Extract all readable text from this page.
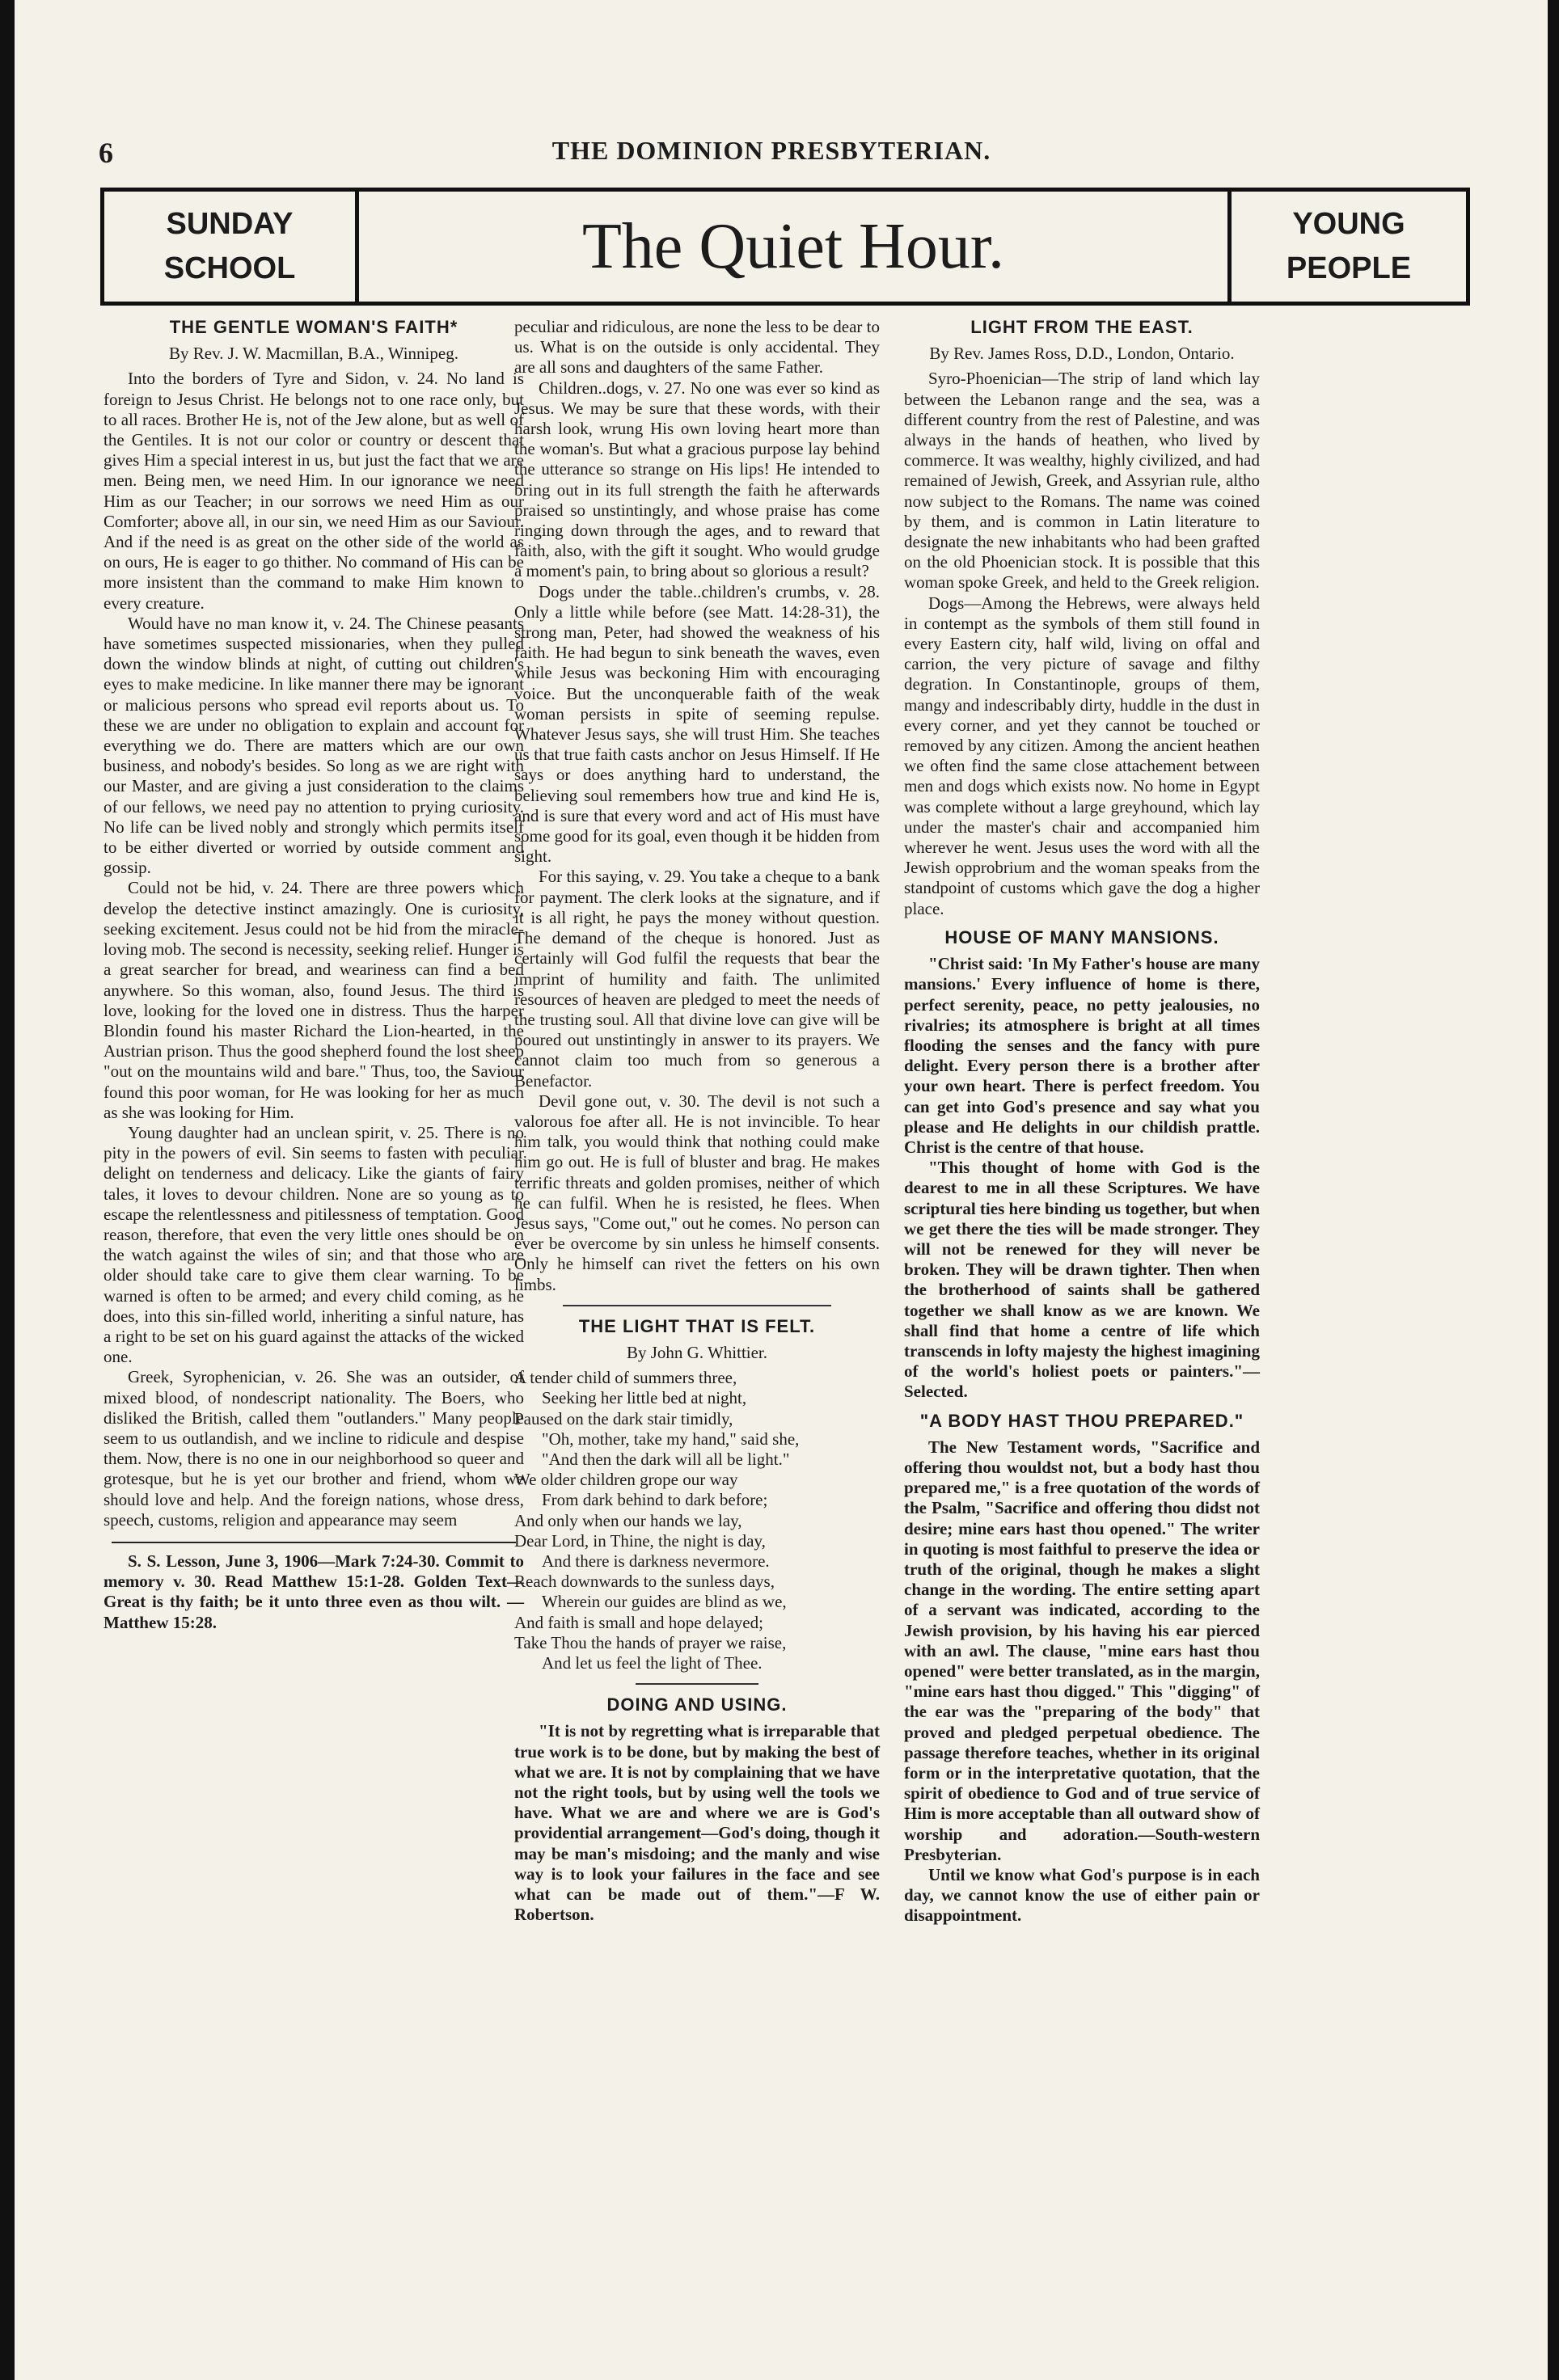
6	THE DOMINION PRESBYTERIAN.
SUNDAY
SCHOOL	The Quiet Hour.	YOUNG
PEOPLE
THE GENTLE WOMAN'S FAITH*

By Rev. J. W. Macmillan, B.A., Winnipeg.

Into the borders of Tyre and Sidon, v. 24. No land is foreign to Jesus Christ. He belongs not to one race only, but to all races. Brother He is, not of the Jew alone, but as well of the Gentiles. It is not our color or country or descent that gives Him a special interest in us, but just the fact that we are men. Being men, we need Him. In our ignorance we need Him as our Teacher; in our sorrows we need Him as our Comforter; above all, in our sin, we need Him as our Saviour. And if the need is as great on the other side of the world as on ours, He is eager to go thither. No command of His can be more insistent than the command to make Him known to every creature.

Would have no man know it, v. 24. The Chinese peasants have sometimes suspected missionaries, when they pulled down the window blinds at night, of cutting out children's eyes to make medicine. In like manner there may be ignorant or malicious persons who spread evil reports about us. To these we are under no obligation to explain and account for everything we do. There are matters which are our own business, and nobody's besides. So long as we are right with our Master, and are giving a just consideration to the claims of our fellows, we need pay no attention to prying curiosity. No life can be lived nobly and strongly which permits itself to be either diverted or worried by outside comment and gossip.

Could not be hid, v. 24. There are three powers which develop the detective instinct amazingly. One is curiosity, seeking excitement. Jesus could not be hid from the miracle-loving mob. The second is necessity, seeking relief. Hunger is a great searcher for bread, and weariness can find a bed anywhere. So this woman, also, found Jesus. The third is love, looking for the loved one in distress. Thus the harper Blondin found his master Richard the Lion-hearted, in the Austrian prison. Thus the good shepherd found the lost sheep "out on the mountains wild and bare." Thus, too, the Saviour found this poor woman, for He was looking for her as much as she was looking for Him.

Young daughter had an unclean spirit, v. 25. There is no pity in the powers of evil. Sin seems to fasten with peculiar delight on tenderness and delicacy. Like the giants of fairy tales, it loves to devour children. None are so young as to escape the relentlessness and pitilessness of temptation. Good reason, therefore, that even the very little ones should be on the watch against the wiles of sin; and that those who are older should take care to give them clear warning. To be warned is often to be armed; and every child coming, as he does, into this sin-filled world, inheriting a sinful nature, has a right to be set on his guard against the attacks of the wicked one.

Greek, Syrophenician, v. 26. She was an outsider, of mixed blood, of nondescript nationality. The Boers, who disliked the British, called them "outlanders." Many people seem to us outlandish, and we incline to ridicule and despise them. Now, there is no one in our neighborhood so queer and grotesque, but he is yet our brother and friend, whom we should love and help. And the foreign nations, whose dress, speech, customs, religion and appearance may seem

S. S. Lesson, June 3, 1906—Mark 7:24-30. Commit to memory v. 30. Read Matthew 15:1-28. Golden Text—Great is thy faith; be it unto three even as thou wilt. —Matthew 15:28.

peculiar and ridiculous, are none the less to be dear to us. What is on the outside is only accidental. They are all sons and daughters of the same Father.

Children..dogs, v. 27. No one was ever so kind as Jesus. We may be sure that these words, with their harsh look, wrung His own loving heart more than the woman's. But what a gracious purpose lay behind the utterance so strange on His lips! He intended to bring out in its full strength the faith he afterwards praised so unstintingly, and whose praise has come ringing down through the ages, and to reward that faith, also, with the gift it sought. Who would grudge a moment's pain, to bring about so glorious a result?

Dogs under the table..children's crumbs, v. 28. Only a little while before (see Matt. 14:28-31), the strong man, Peter, had showed the weakness of his faith. He had begun to sink beneath the waves, even while Jesus was beckoning Him with encouraging voice. But the unconquerable faith of the weak woman persists in spite of seeming repulse. Whatever Jesus says, she will trust Him. She teaches us that true faith casts anchor on Jesus Himself. If He says or does anything hard to understand, the believing soul remembers how true and kind He is, and is sure that every word and act of His must have some good for its goal, even though it be hidden from sight.

For this saying, v. 29. You take a cheque to a bank for payment. The clerk looks at the signature, and if it is all right, he pays the money without question. The demand of the cheque is honored. Just as certainly will God fulfil the requests that bear the imprint of humility and faith. The unlimited resources of heaven are pledged to meet the needs of the trusting soul. All that divine love can give will be poured out unstintingly in answer to its prayers. We cannot claim too much from so generous a Benefactor.

Devil gone out, v. 30. The devil is not such a valorous foe after all. He is not invincible. To hear him talk, you would think that nothing could make him go out. He is full of bluster and brag. He makes terrific threats and golden promises, neither of which he can fulfil. When he is resisted, he flees. When Jesus says, "Come out," out he comes. No person can ever be overcome by sin unless he himself consents. Only he himself can rivet the fetters on his own limbs.

THE LIGHT THAT IS FELT.

By John G. Whittier.

A tender child of summers three,
Seeking her little bed at night,
Paused on the dark stair timidly,
"Oh, mother, take my hand," said she,
"And then the dark will all be light."
We older children grope our way
From dark behind to dark before;
And only when our hands we lay,
Dear Lord, in Thine, the night is day,
And there is darkness nevermore.
Reach downwards to the sunless days,
Wherein our guides are blind as we,
And faith is small and hope delayed;
Take Thou the hands of prayer we raise,
And let us feel the light of Thee.
DOING AND USING.

"It is not by regretting what is irreparable that true work is to be done, but by making the best of what we are. It is not by complaining that we have not the right tools, but by using well the tools we have. What we are and where we are is God's providential arrangement—God's doing, though it may be man's misdoing; and the manly and wise way is to look your failures in the face and see what can be made out of them."—F W. Robertson.

LIGHT FROM THE EAST.

By Rev. James Ross, D.D., London, Ontario.

Syro-Phoenician—The strip of land which lay between the Lebanon range and the sea, was a different country from the rest of Palestine, and was always in the hands of heathen, who lived by commerce. It was wealthy, highly civilized, and had remained of Jewish, Greek, and Assyrian rule, altho now subject to the Romans. The name was coined by them, and is common in Latin literature to designate the new inhabitants who had been grafted on the old Phoenician stock. It is possible that this woman spoke Greek, and held to the Greek religion.

Dogs—Among the Hebrews, were always held in contempt as the symbols of them still found in every Eastern city, half wild, living on offal and carrion, the very picture of savage and filthy degration. In Constantinople, groups of them, mangy and indescribably dirty, huddle in the dust in every corner, and yet they cannot be touched or removed by any citizen. Among the ancient heathen we often find the same close attachement between men and dogs which exists now. No home in Egypt was complete without a large greyhound, which lay under the master's chair and accompanied him wherever he went. Jesus uses the word with all the Jewish opprobrium and the woman speaks from the standpoint of customs which gave the dog a higher place.

HOUSE OF MANY MANSIONS.

"Christ said: 'In My Father's house are many mansions.' Every influence of home is there, perfect serenity, peace, no petty jealousies, no rivalries; its atmosphere is bright at all times flooding the senses and the fancy with pure delight. Every person there is a brother after your own heart. There is perfect freedom. You can get into God's presence and say what you please and He delights in our childish prattle. Christ is the centre of that house.

"This thought of home with God is the dearest to me in all these Scriptures. We have scriptural ties here binding us together, but when we get there the ties will be made stronger. They will not be renewed for they will never be broken. They will be drawn tighter. Then when the brotherhood of saints shall be gathered together we shall know as we are known. We shall find that home a centre of life which transcends in lofty majesty the highest imagining of the world's holiest poets or painters."—Selected.

"A BODY HAST THOU PREPARED."

The New Testament words, "Sacrifice and offering thou wouldst not, but a body hast thou prepared me," is a free quotation of the words of the Psalm, "Sacrifice and offering thou didst not desire; mine ears hast thou opened." The writer in quoting is most faithful to preserve the idea or truth of the original, though he makes a slight change in the wording. The entire setting apart of a servant was indicated, according to the Jewish provision, by his having his ear pierced with an awl. The clause, "mine ears hast thou opened" were better translated, as in the margin, "mine ears hast thou digged." This "digging" of the ear was the "preparing of the body" that proved and pledged perpetual obedience. The passage therefore teaches, whether in its original form or in the interpretative quotation, that the spirit of obedience to God and of true service of Him is more acceptable than all outward show of worship and adoration.—South-western Presbyterian.

Until we know what God's purpose is in each day, we cannot know the use of either pain or disappointment.
